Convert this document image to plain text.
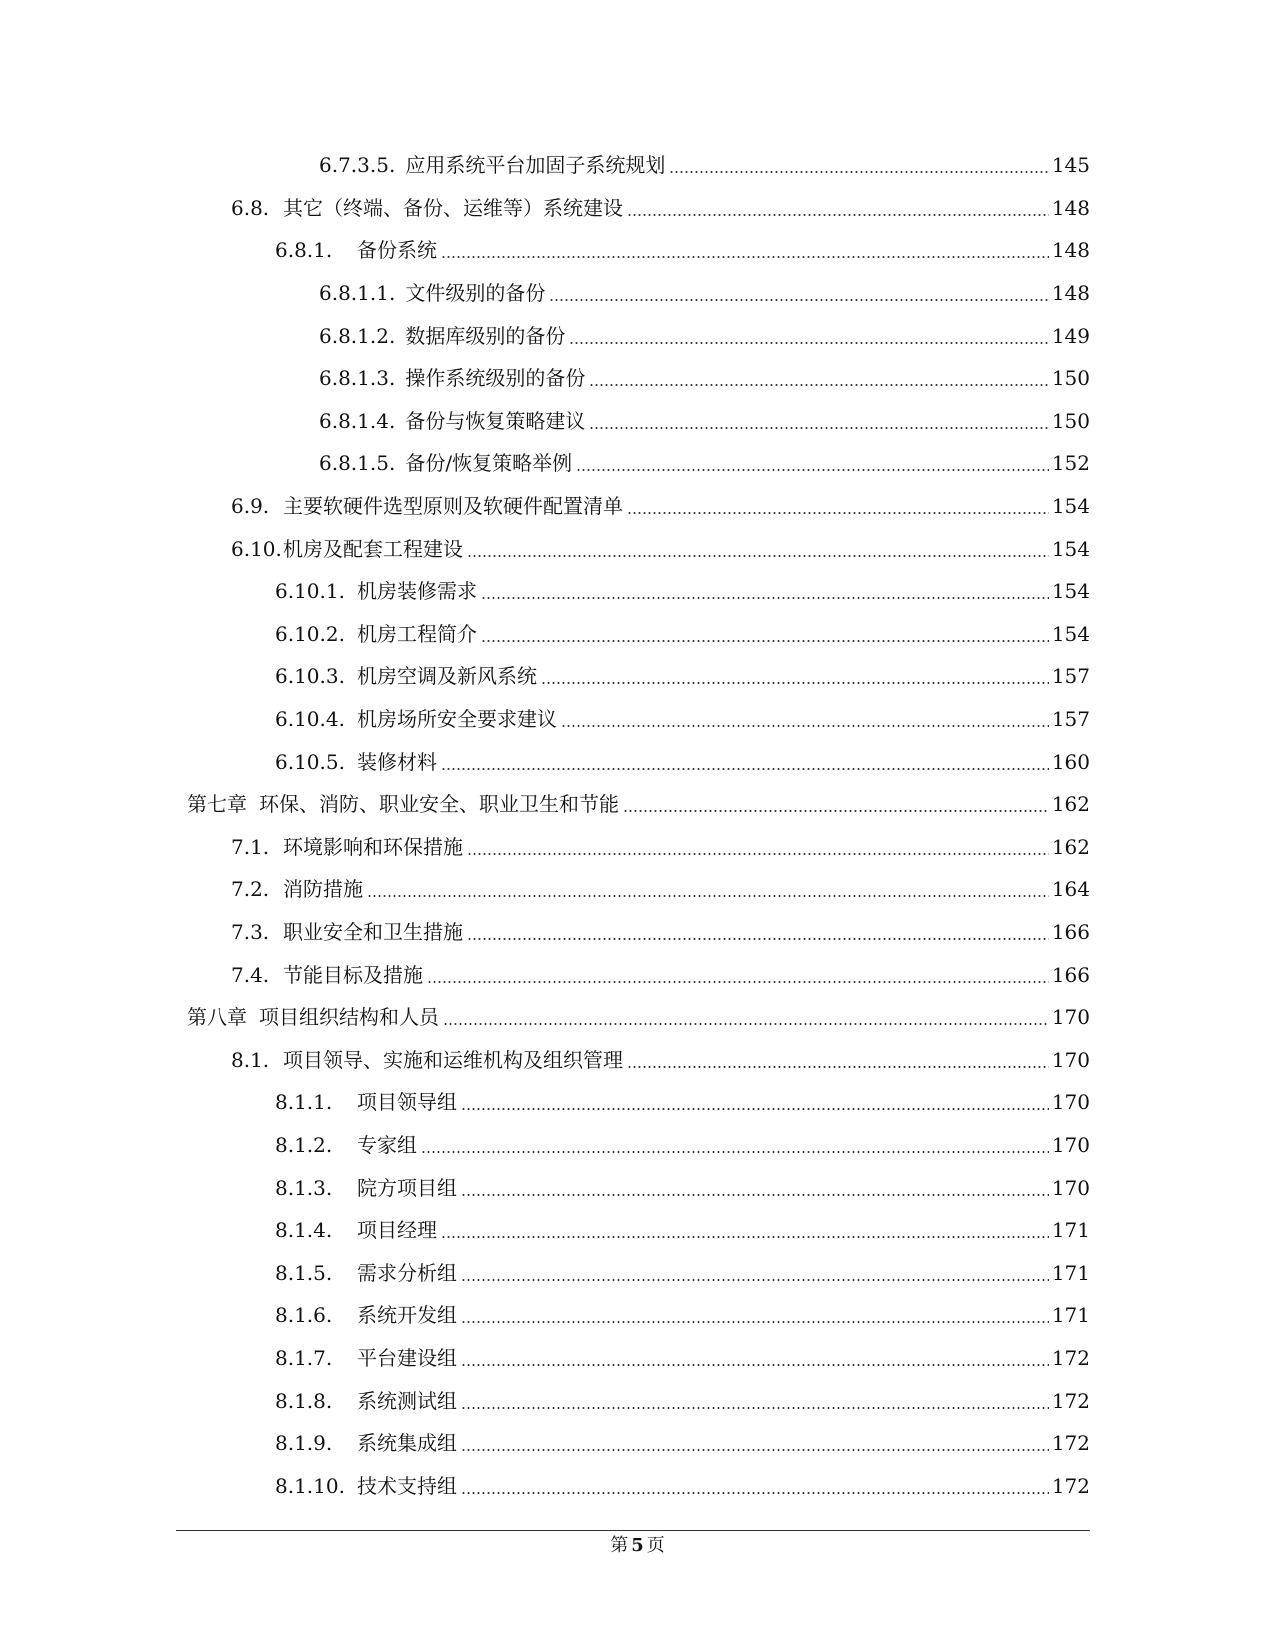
6.7.3.5. 应用系统平台加固子系统规划	145
6.8. 其它（终端、备份、运维等）系统建设	148
6.8.1.	备份系统	148
6.8.1.1. 文件级别的备份	148
6.8.1.2. 数据库级别的备份	149
6.8.1.3. 操作系统级别的备份	150
6.8.1.4. 备份与恢复策略建议	150
6.8.1.5. 备份/恢复策略举例	152
6.9. 主要软硬件选型原则及软硬件配置清单	154
6.10. 机房及配套工程建设	154
6.10.1. 机房装修需求	154
6.10.2. 机房工程简介	154
6.10.3. 机房空调及新风系统	157
6.10.4. 机房场所安全要求建议	157
6.10.5. 装修材料	160
第七章 环保、消防、职业安全、职业卫生和节能	162
7.1. 环境影响和环保措施	162
7.2. 消防措施	164
7.3. 职业安全和卫生措施	166
7.4. 节能目标及措施	166
第八章 项目组织结构和人员	170
8.1. 项目领导、实施和运维机构及组织管理	170
8.1.1.	项目领导组	170
8.1.2.	专家组	170
8.1.3.	院方项目组	170
8.1.4.	项目经理	171
8.1.5.	需求分析组	171
8.1.6.	系统开发组	171
8.1.7.	平台建设组	172
8.1.8.	系统测试组	172
8.1.9.	系统集成组	172
8.1.10. 技术支持组	172
第 5 页
